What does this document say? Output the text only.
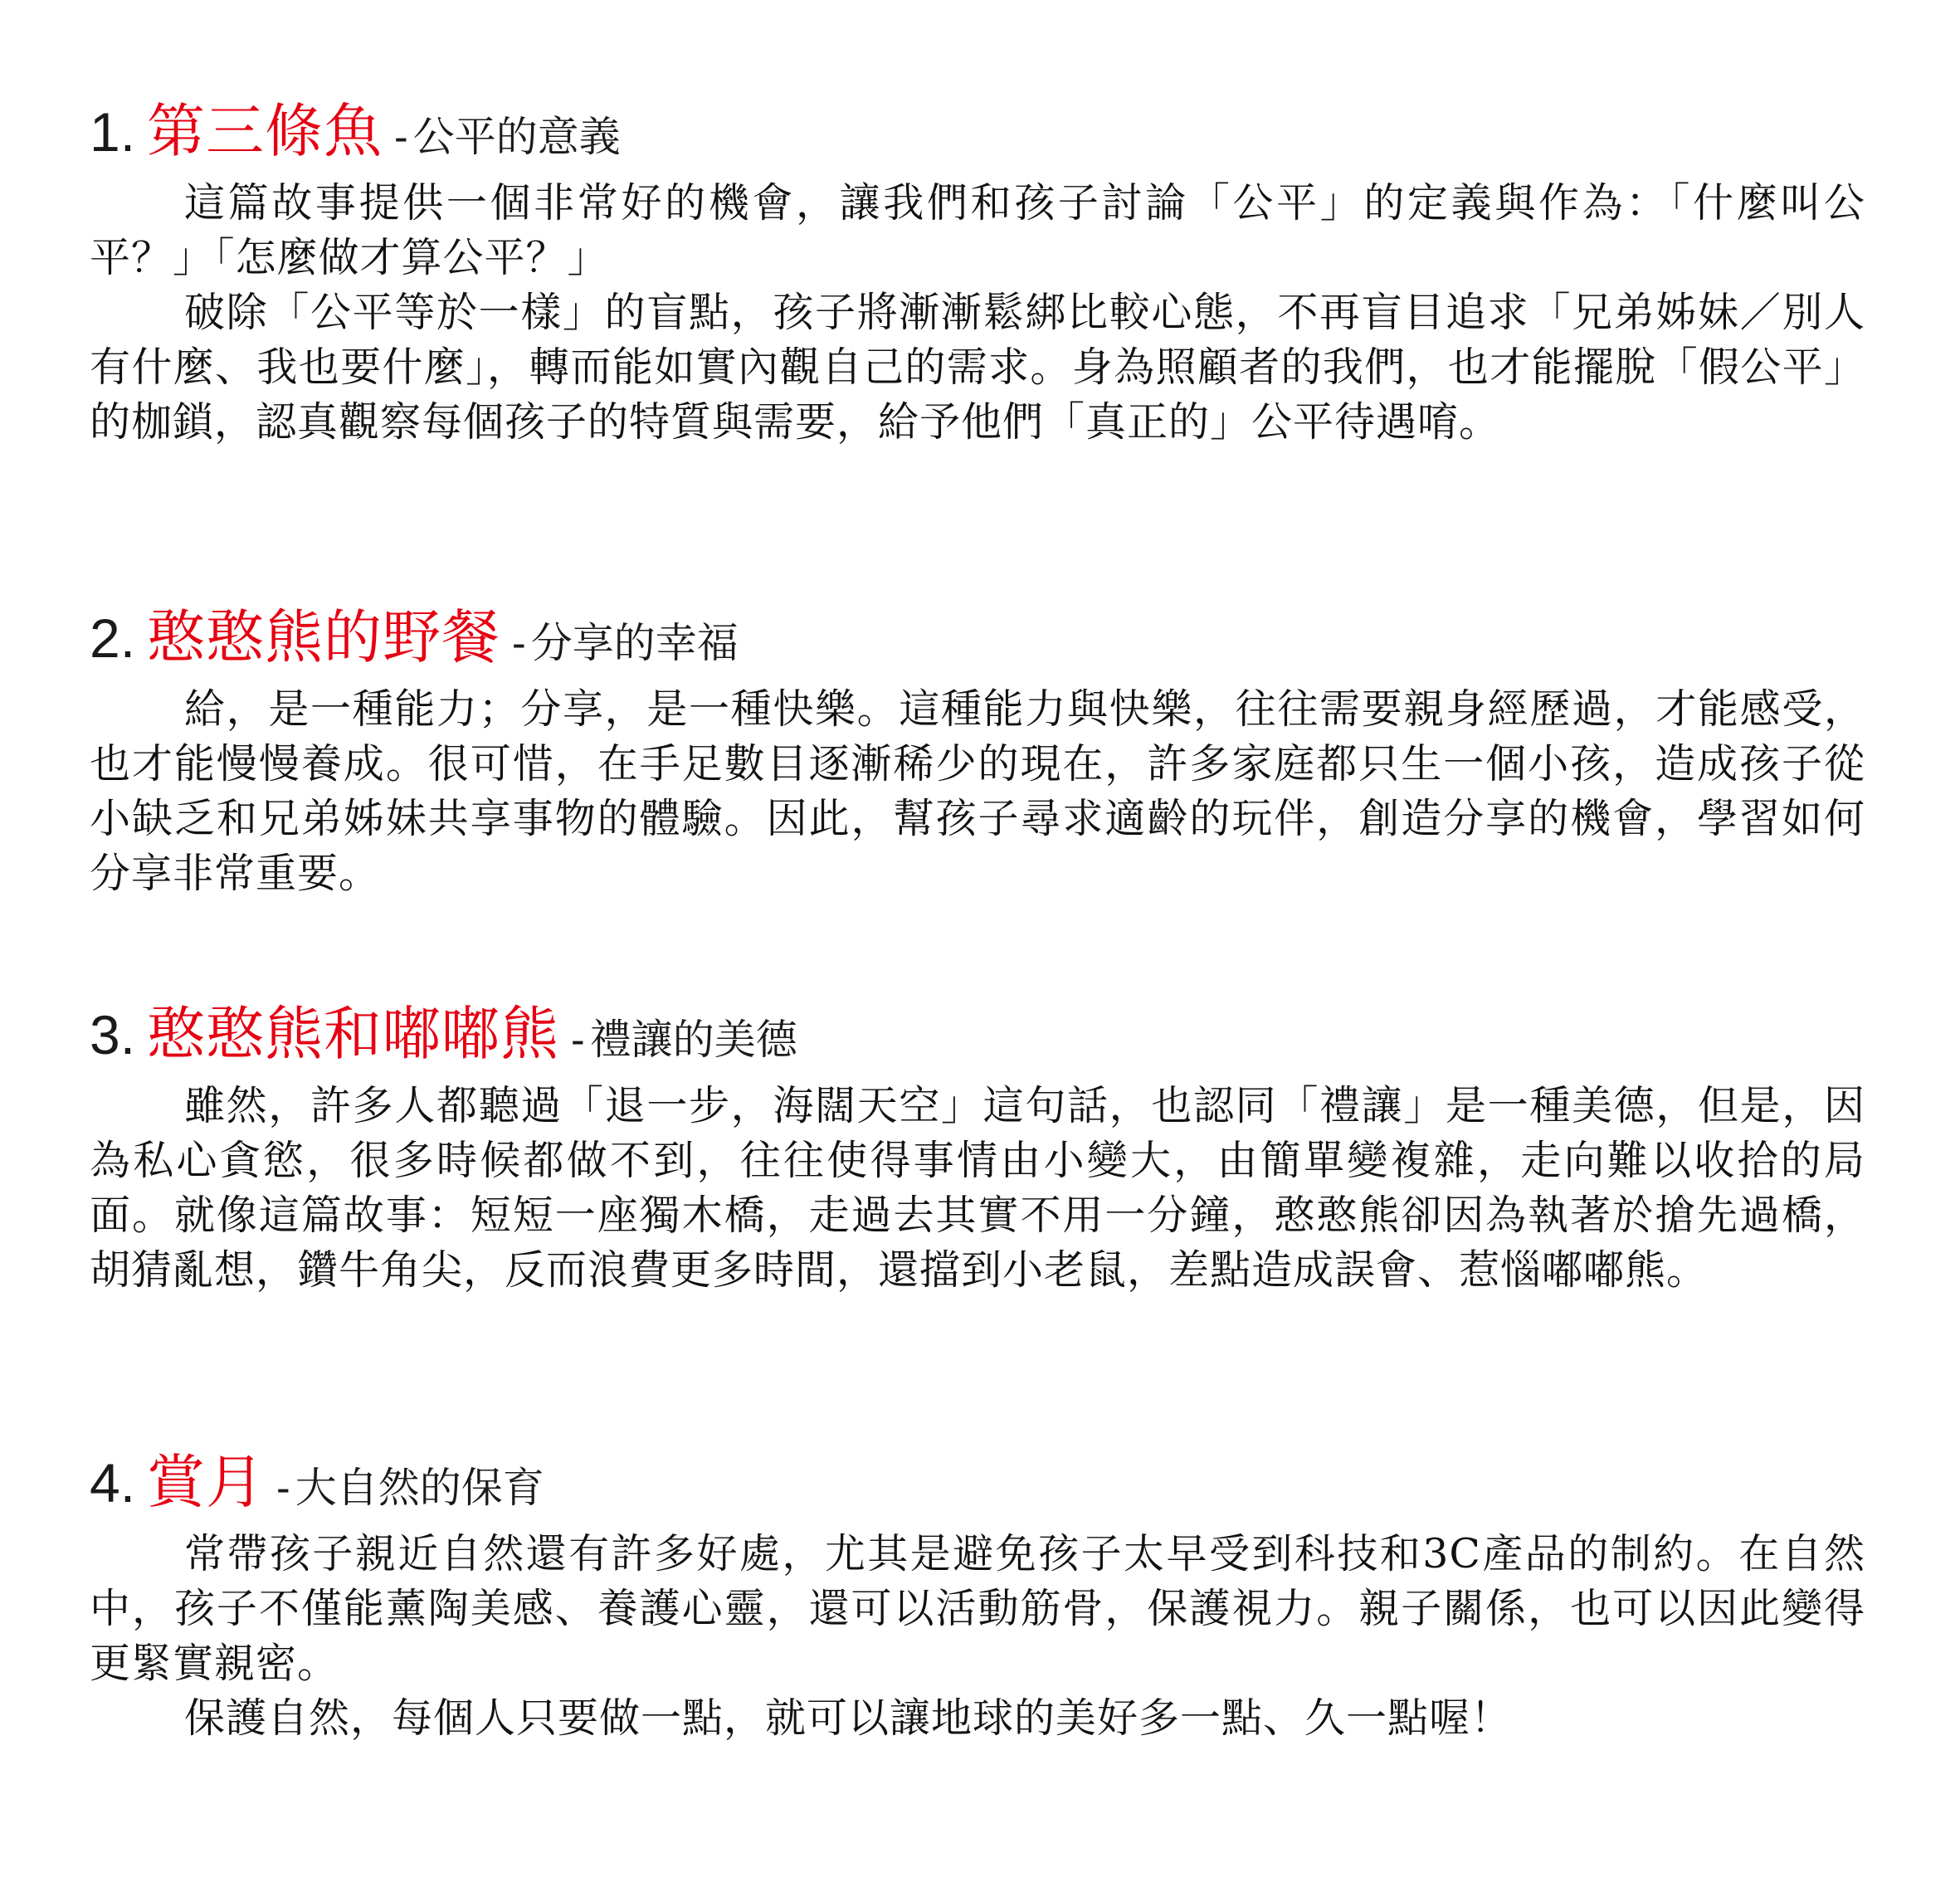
1. 第三條魚 - 公平的意義

這篇故事提供一個非常好的機會，讓我們和孩子討論「公平」的定義與作為：「什麼叫公平？」「怎麼做才算公平？」

破除「公平等於一樣」的盲點，孩子將漸漸鬆綁比較心態，不再盲目追求「兄弟姊妹／別人有什麼、我也要什麼」，轉而能如實內觀自己的需求。身為照顧者的我們，也才能擺脫「假公平」的枷鎖，認真觀察每個孩子的特質與需要，給予他們「真正的」公平待遇唷。

2. 憨憨熊的野餐 - 分享的幸福

給，是一種能力；分享，是一種快樂。這種能力與快樂，往往需要親身經歷過，才能感受，也才能慢慢養成。很可惜，在手足數目逐漸稀少的現在，許多家庭都只生一個小孩，造成孩子從小缺乏和兄弟姊妹共享事物的體驗。因此，幫孩子尋求適齡的玩伴，創造分享的機會，學習如何分享非常重要。

3. 憨憨熊和嘟嘟熊 - 禮讓的美德

雖然，許多人都聽過「退一步，海闊天空」這句話，也認同「禮讓」是一種美德，但是，因為私心貪慾，很多時候都做不到，往往使得事情由小變大，由簡單變複雜，走向難以收拾的局面。就像這篇故事：短短一座獨木橋，走過去其實不用一分鐘，憨憨熊卻因為執著於搶先過橋，胡猜亂想，鑽牛角尖，反而浪費更多時間，還擋到小老鼠，差點造成誤會、惹惱嘟嘟熊。

4. 賞月 - 大自然的保育

常帶孩子親近自然還有許多好處，尤其是避免孩子太早受到科技和3C產品的制約。在自然中，孩子不僅能薰陶美感、養護心靈，還可以活動筋骨，保護視力。親子關係，也可以因此變得更緊實親密。

保護自然，每個人只要做一點，就可以讓地球的美好多一點、久一點喔！
